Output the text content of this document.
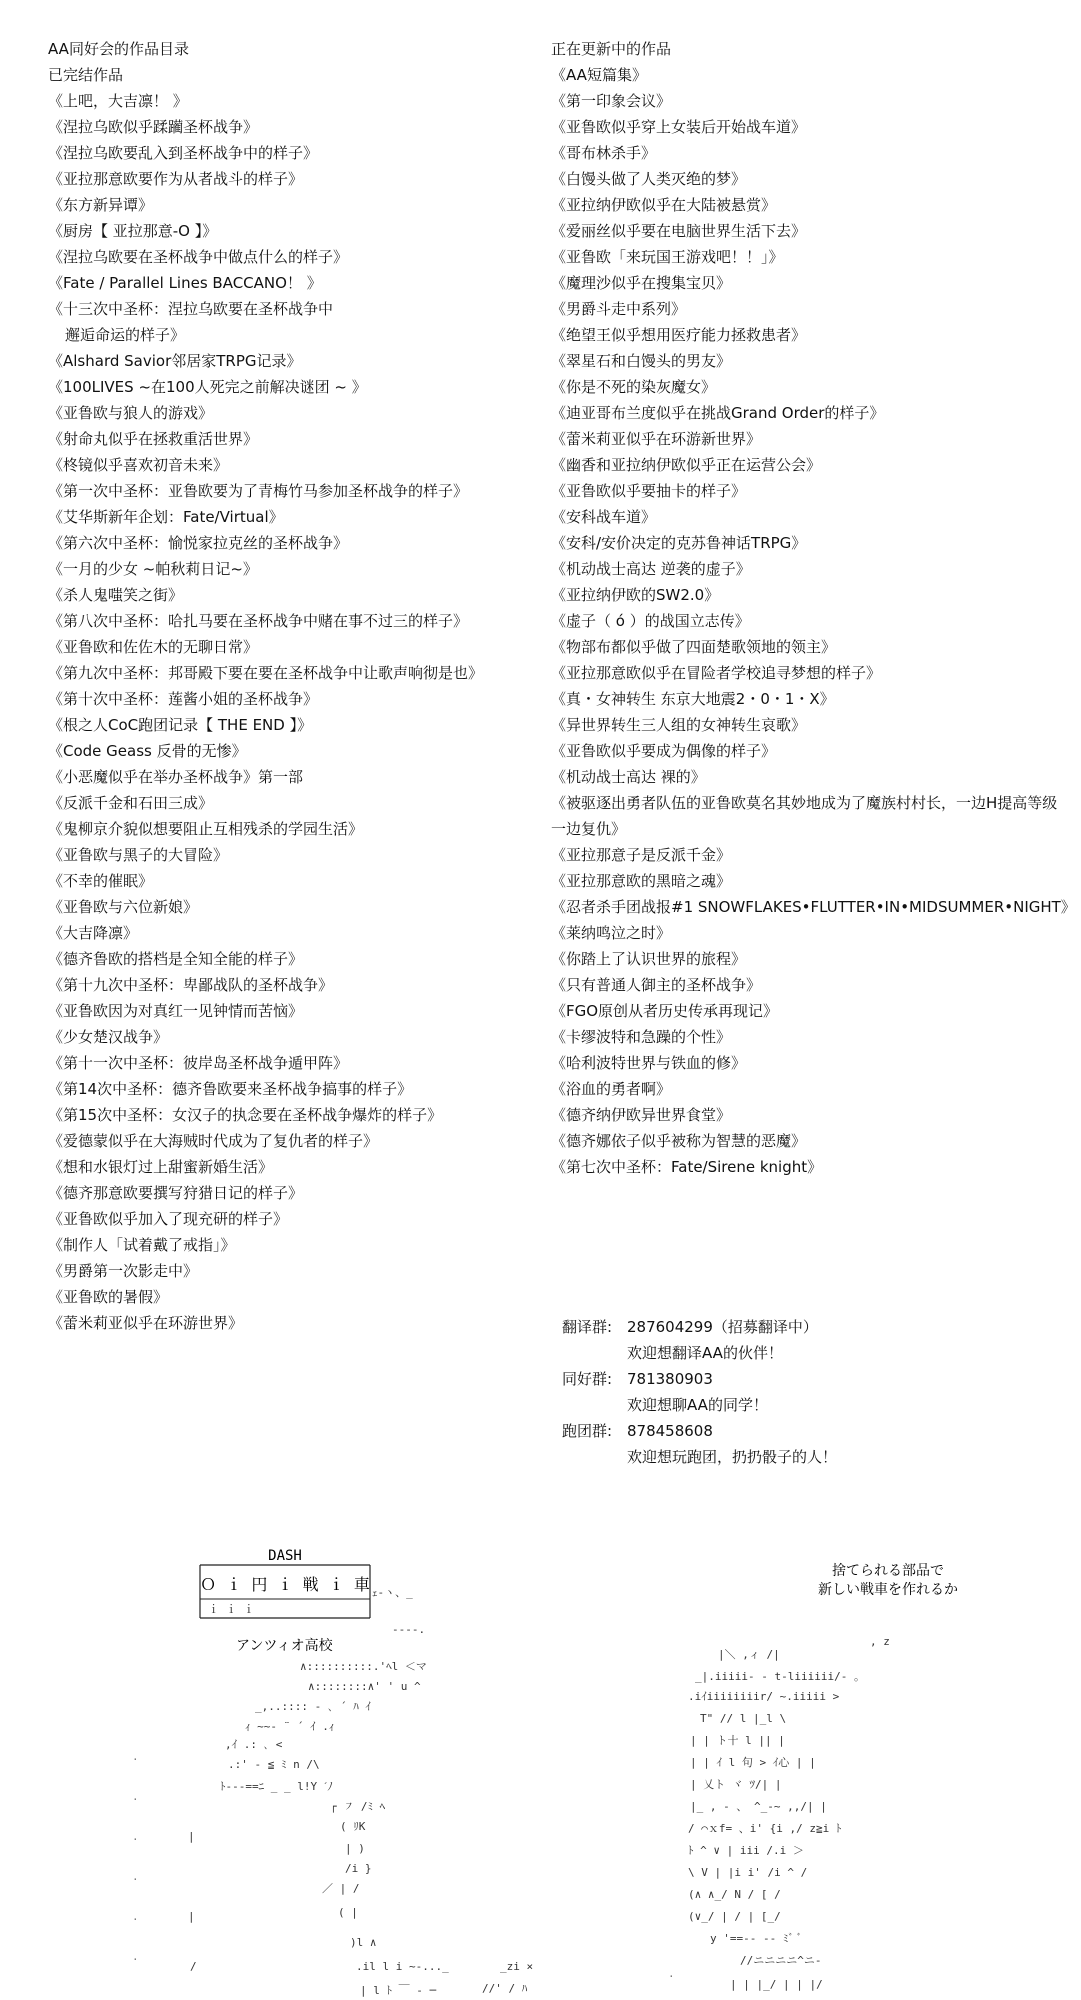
AA同好会的作品目录
已完结作品
《上吧，大吉凛！ 》
《涅拉乌欧似乎蹂躏圣杯战争》
《涅拉乌欧要乱入到圣杯战争中的样子》
《亚拉那意欧要作为从者战斗的样子》
《东方新异谭》
《厨房【 亚拉那意-O 】》
《涅拉乌欧要在圣杯战争中做点什么的样子》
《Fate / Parallel Lines BACCANO！ 》
《十三次中圣杯：涅拉乌欧要在圣杯战争中
邂逅命运的样子》
《Alshard Savior邻居家TRPG记录》
《100LIVES ~在100人死完之前解决谜团 ~ 》
《亚鲁欧与狼人的游戏》
《射命丸似乎在拯救重活世界》
《柊镜似乎喜欢初音未来》
《第一次中圣杯：亚鲁欧要为了青梅竹马参加圣杯战争的样子》
《艾华斯新年企划：Fate/Virtual》
《第六次中圣杯：愉悦家拉克丝的圣杯战争》
《一月的少女 ~帕秋莉日记~》
《杀人鬼嗤笑之街》
《第八次中圣杯：哈扎马要在圣杯战争中赌在事不过三的样子》
《亚鲁欧和佐佐木的无聊日常》
《第九次中圣杯：邦哥殿下要在要在圣杯战争中让歌声响彻是也》
《第十次中圣杯：莲酱小姐的圣杯战争》
《根之人CoC跑团记录【 THE END 】》
《Code Geass 反骨的无惨》
《小恶魔似乎在举办圣杯战争》第一部
《反派千金和石田三成》
《鬼柳京介貌似想要阻止互相残杀的学园生活》
《亚鲁欧与黑子的大冒险》
《不幸的催眠》
《亚鲁欧与六位新娘》
《大吉降凛》
《德齐鲁欧的搭档是全知全能的样子》
《第十九次中圣杯：卑鄙战队的圣杯战争》
《亚鲁欧因为对真红一见钟情而苦恼》
《少女楚汉战争》
《第十一次中圣杯：彼岸岛圣杯战争遁甲阵》
《第14次中圣杯：德齐鲁欧要来圣杯战争搞事的样子》
《第15次中圣杯：女汉子的执念要在圣杯战争爆炸的样子》
《爱德蒙似乎在大海贼时代成为了复仇者的样子》
《想和水银灯过上甜蜜新婚生活》
《德齐那意欧要撰写狩猎日记的样子》
《亚鲁欧似乎加入了现充研的样子》
《制作人「试着戴了戒指」》
《男爵第一次影走中》
《亚鲁欧的暑假》
《蕾米莉亚似乎在环游世界》
正在更新中的作品
《AA短篇集》
《第一印象会议》
《亚鲁欧似乎穿上女装后开始战车道》
《哥布林杀手》
《白馒头做了人类灭绝的梦》
《亚拉纳伊欧似乎在大陆被悬赏》
《爱丽丝似乎要在电脑世界生活下去》
《亚鲁欧「来玩国王游戏吧！！」》
《魔理沙似乎在搜集宝贝》
《男爵斗走中系列》
《绝望王似乎想用医疗能力拯救患者》
《翠星石和白馒头的男友》
《你是不死的染灰魔女》
《迪亚哥布兰度似乎在挑战Grand Order的样子》
《蕾米莉亚似乎在环游新世界》
《幽香和亚拉纳伊欧似乎正在运营公会》
《亚鲁欧似乎要抽卡的样子》
《安科战车道》
《安科/安价决定的克苏鲁神话TRPG》
《机动战士高达 逆袭的虚子》
《亚拉纳伊欧的SW2.0》
《虚子（ ó ）的战国立志传》
《物部布都似乎做了四面楚歌领地的领主》
《亚拉那意欧似乎在冒险者学校追寻梦想的样子》
《真・女神转生 东京大地震2・0・1・X》
《异世界转生三人组的女神转生哀歌》
《亚鲁欧似乎要成为偶像的样子》
《机动战士高达 裸的》
《被驱逐出勇者队伍的亚鲁欧莫名其妙地成为了魔族村村长，一边H提高等级一边复仇》
《亚拉那意子是反派千金》
《亚拉那意欧的黑暗之魂》
《忍者杀手团战报#1 SNOWFLAKES•FLUTTER•IN•MIDSUMMER•NIGHT》
《莱纳鸣泣之时》
《你踏上了认识世界的旅程》
《只有普通人御主的圣杯战争》
《FGO原创从者历史传承再现记》
《卡缪波特和急躁的个性》
《哈利波特世界与铁血的修》
《浴血的勇者啊》
《德齐纳伊欧异世界食堂》
《德齐娜依子似乎被称为智慧的恶魔》
《第七次中圣杯：Fate/Sirene knight》
翻译群: 287604299（招募翻译中）
欢迎想翻译AA的伙伴！
同好群: 781380903
欢迎想聊AA的同学！
跑团群: 878458608
欢迎想玩跑团，扔扔骰子的人！
DASH
Ｏ ｉ 円 ｉ 戦 ｉ 車
ｉ ｉ ｉ
ｪ-ヽ、_
‐‐‐‐.
アンツィオ高校
∧::::::::::.'ﾍl ＜マ
∧::::::::∧' ' u ^
_,..:::: ‐ ､ ´ ﾊ ｲ
ｨ ~~‐ ¨ ´ ｲ .ｨ
,ｲ .: ､ <
.:' ‐ ≦ ﾐ n /\
ﾄ‐‐‐==ﾆ _ _ l!Y ˊﾉ
┌ ㇇ /ﾐ ﾍ
( ﾘK
| )
/i }
／ | /
( |
)l ∧
.il l i ~‐..._
| l ﾄ ￣ ‐ ─
|
|
/	_zi ×
//' / ﾊ
.
.
.
.
.
.
捨てられる部品で
新しい戦車を作れるか
, z
|＼ ,ィ /|
_|.iiiii‐ ‐ t‐liiiiii/‐ ｡
.iｲiiiiiiiir/ ~.iiiii >
T" // l |_l \
| | ト十 l || |
| | ｲ l 句 > ｲ心 | |
| 乂ト ヾ ﾂ/| |
|_ , - 、 ^_-~ ,,/| |
/ ⌒ｘf= 、i' {i ,/ z≧i ﾄ
ﾄ ^ ∨ | iii /.i ＞
\ V | |i i' /i ^ /
(∧ ∧_/ N / [ /
(∨_/ | / | [_/
y '==-- -- ﾐﾞ ﾞ
//ニニニニ^ニ‐
| | |_/ | | |/
·
